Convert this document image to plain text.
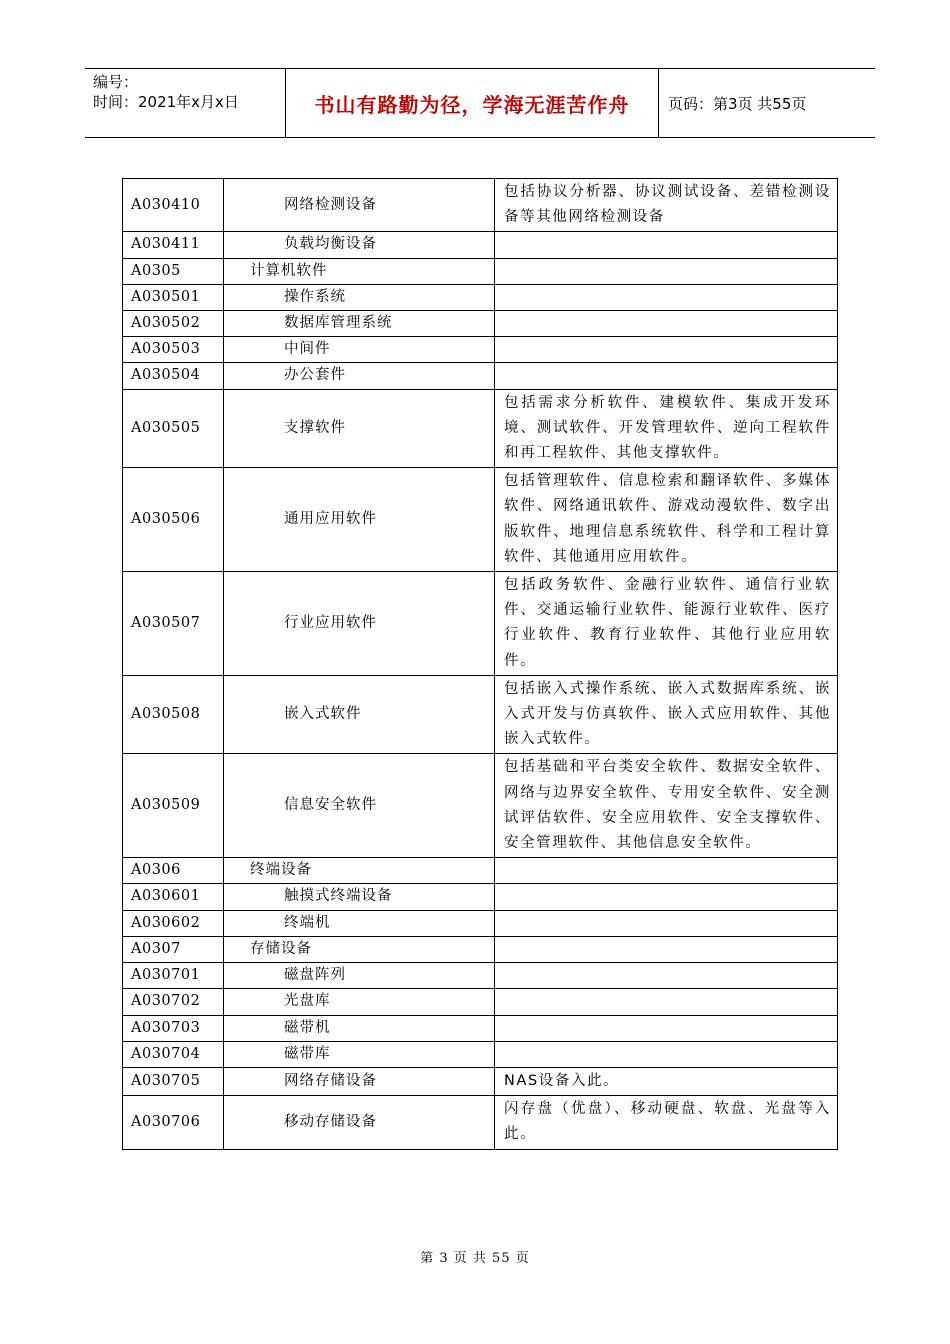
编号：
时间：2021年x月x日	书山有路勤为径，学海无涯苦作舟	页码：第3页 共55页
A030410	网络检测设备	包括协议分析器、协议测试设备、差错检测设备等其他网络检测设备
A030411	负载均衡设备	
A0305	计算机软件	
A030501	操作系统	
A030502	数据库管理系统	
A030503	中间件	
A030504	办公套件	
A030505	支撑软件	包括需求分析软件、建模软件、集成开发环境、测试软件、开发管理软件、逆向工程软件和再工程软件、其他支撑软件。
A030506	通用应用软件	包括管理软件、信息检索和翻译软件、多媒体软件、网络通讯软件、游戏动漫软件、数字出版软件、地理信息系统软件、科学和工程计算软件、其他通用应用软件。
A030507	行业应用软件	包括政务软件、金融行业软件、通信行业软件、交通运输行业软件、能源行业软件、医疗行业软件、教育行业软件、其他行业应用软件。
A030508	嵌入式软件	包括嵌入式操作系统、嵌入式数据库系统、嵌入式开发与仿真软件、嵌入式应用软件、其他嵌入式软件。
A030509	信息安全软件	包括基础和平台类安全软件、数据安全软件、网络与边界安全软件、专用安全软件、安全测试评估软件、安全应用软件、安全支撑软件、安全管理软件、其他信息安全软件。
A0306	终端设备	
A030601	触摸式终端设备	
A030602	终端机	
A0307	存储设备	
A030701	磁盘阵列	
A030702	光盘库	
A030703	磁带机	
A030704	磁带库	
A030705	网络存储设备	NAS设备入此。
A030706	移动存储设备	闪存盘（优盘）、移动硬盘、软盘、光盘等入此。
第 3 页 共 55 页
